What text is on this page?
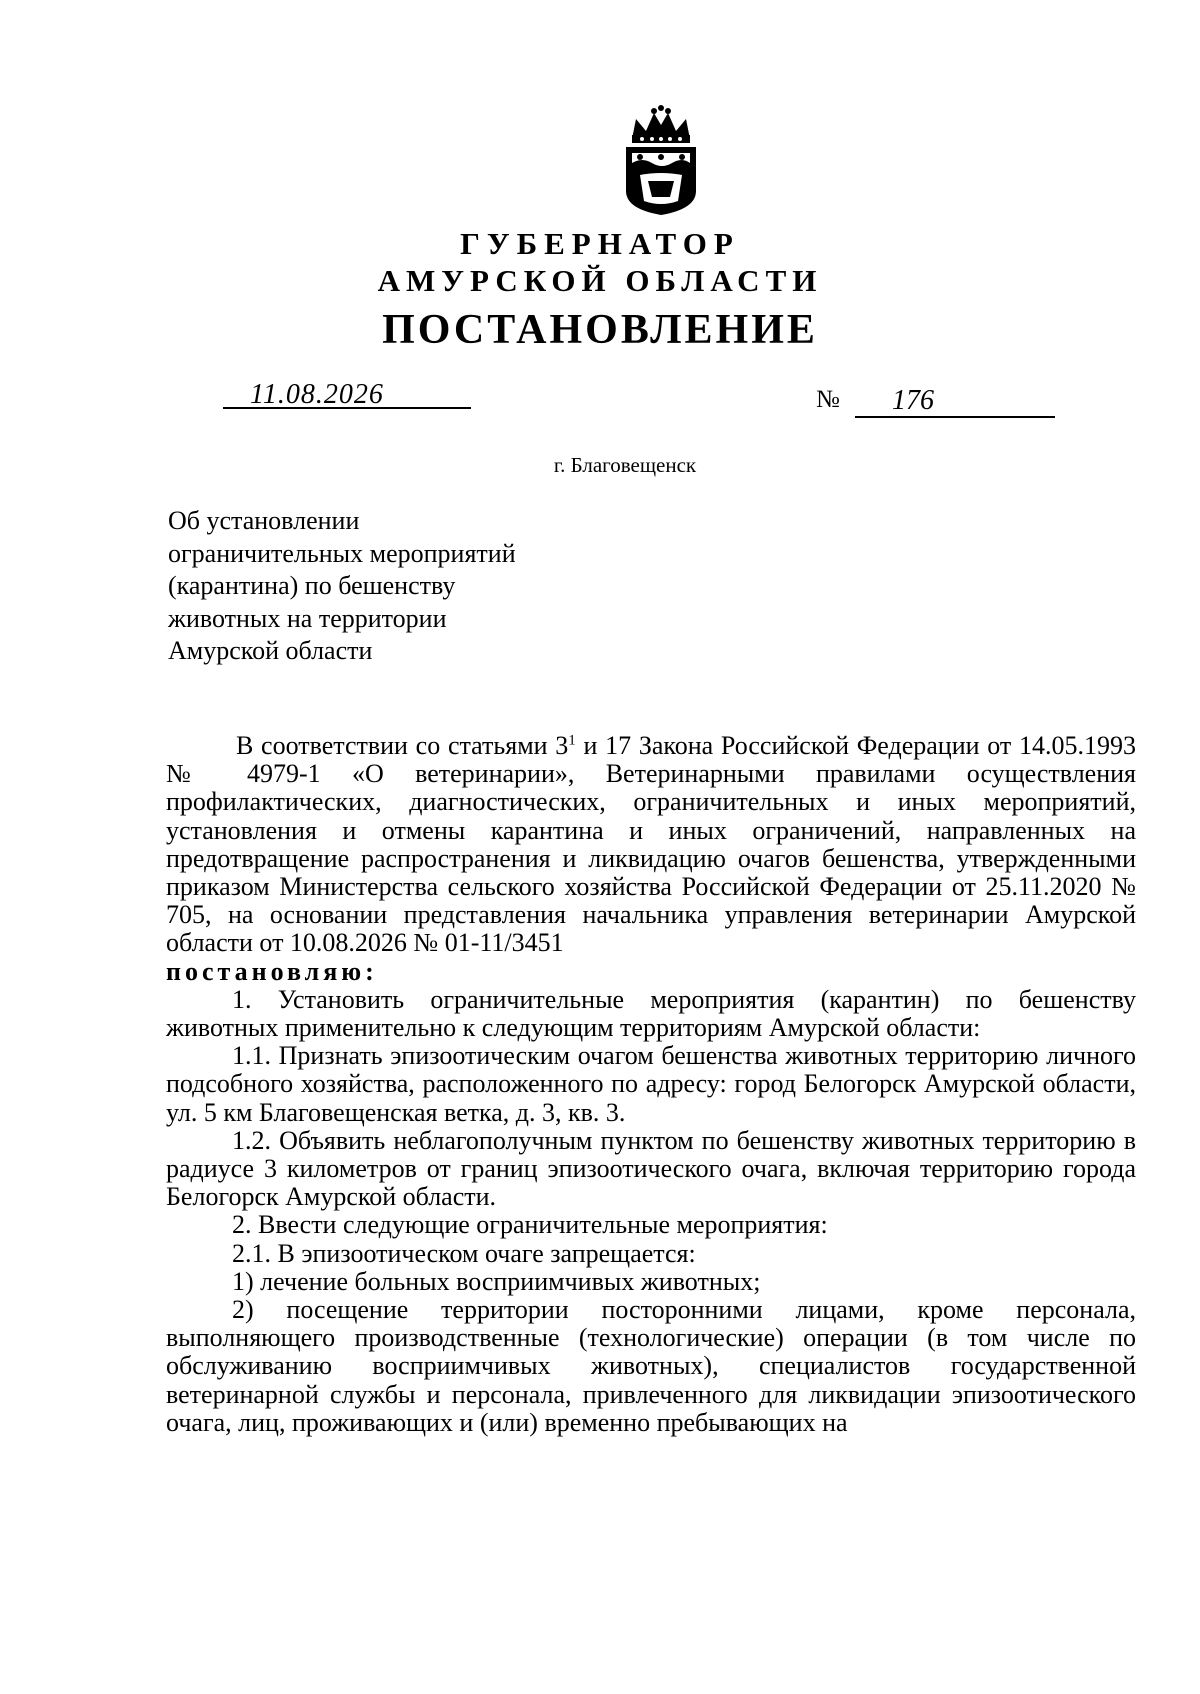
ГУБЕРНАТОР
АМУРСКОЙ ОБЛАСТИ
ПОСТАНОВЛЕНИЕ
11.08.2026	№ 176
г. Благовещенск
Об установлении
ограничительных мероприятий
(карантина) по бешенству
животных на территории
Амурской области

В соответствии со статьями $3^1$ и 17 Закона Российской Федерации от 14.05.1993 № 4979-1 «О ветеринарии», Ветеринарными правилами осуществления профилактических, диагностических, ограничительных и иных мероприятий, установления и отмены карантина и иных ограничений, направленных на предотвращение распространения и ликвидацию очагов бешенства, утвержденными приказом Министерства сельского хозяйства Российской Федерации от 25.11.2020 № 705, на основании представления начальника управления ветеринарии Амурской области от 10.08.2026 № 01-11/3451

постановляю:

1. Установить ограничительные мероприятия (карантин) по бешенству животных применительно к следующим территориям Амурской области:

1.1. Признать эпизоотическим очагом бешенства животных территорию личного подсобного хозяйства, расположенного по адресу: город Белогорск Амурской области, ул. 5 км Благовещенская ветка, д. 3, кв. 3.

1.2. Объявить неблагополучным пунктом по бешенству животных территорию в радиусе 3 километров от границ эпизоотического очага, включая территорию города Белогорск Амурской области.

2. Ввести следующие ограничительные мероприятия:

2.1. В эпизоотическом очаге запрещается:

1) лечение больных восприимчивых животных;

2) посещение территории посторонними лицами, кроме персонала, выполняющего производственные (технологические) операции (в том числе по обслуживанию восприимчивых животных), специалистов государственной ветеринарной службы и персонала, привлеченного для ликвидации эпизоотического очага, лиц, проживающих и (или) временно пребывающих на
